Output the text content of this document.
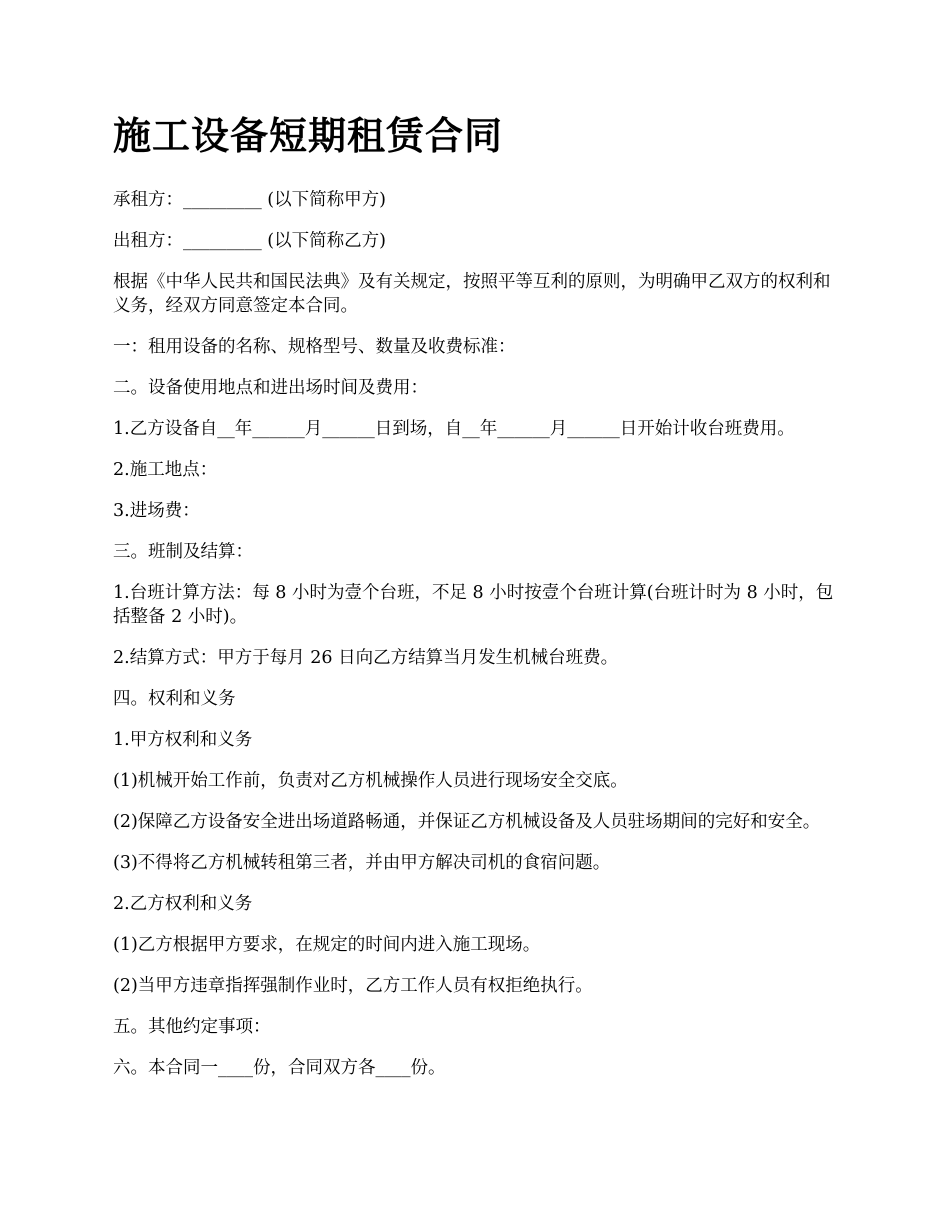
施工设备短期租赁合同

承租方：_________ (以下简称甲方)

出租方：_________ (以下简称乙方)

根据《中华人民共和国民法典》及有关规定，按照平等互利的原则，为明确甲乙双方的权利和义务，经双方同意签定本合同。

一：租用设备的名称、规格型号、数量及收费标准：

二。设备使用地点和进出场时间及费用：

1.乙方设备自__年______月______日到场，自__年______月______日开始计收台班费用。

2.施工地点：

3.进场费：

三。班制及结算：

1.台班计算方法：每 8 小时为壹个台班，不足 8 小时按壹个台班计算(台班计时为 8 小时，包括整备 2 小时)。

2.结算方式：甲方于每月 26 日向乙方结算当月发生机械台班费。

四。权利和义务

1.甲方权利和义务

(1)机械开始工作前，负责对乙方机械操作人员进行现场安全交底。

(2)保障乙方设备安全进出场道路畅通，并保证乙方机械设备及人员驻场期间的完好和安全。

(3)不得将乙方机械转租第三者，并由甲方解决司机的食宿问题。

2.乙方权利和义务

(1)乙方根据甲方要求，在规定的时间内进入施工现场。

(2)当甲方违章指挥强制作业时，乙方工作人员有权拒绝执行。

五。其他约定事项：

六。本合同一____份，合同双方各____份。
